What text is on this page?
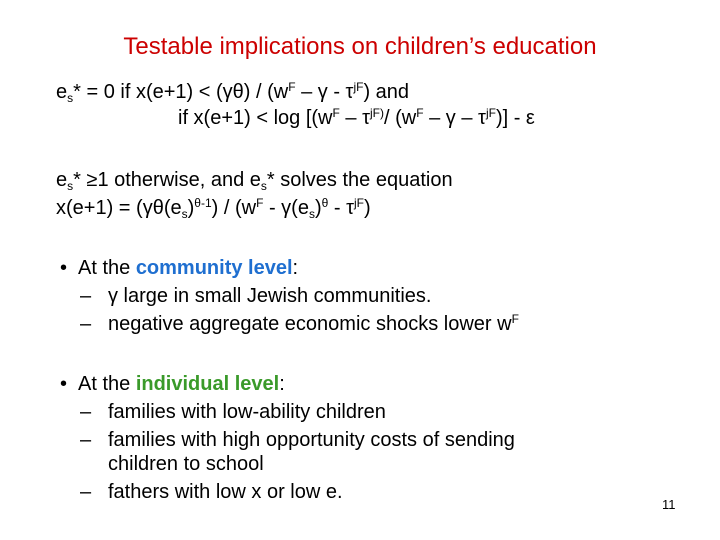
Testable implications on children’s education
$e_s* = 0$ if $x(e+1) < (\gamma\theta) / (w^F - \gamma - \tau^{jF})$ and
if $x(e+1) < \log [(w^F - \tau^{jF)}/$ ($w^F$ – γ – $\tau^{jF}$)] - ε
$e_s* \ge 1$ otherwise, and $e_s*$ solves the equation
$x(e+1) = (\gamma\theta(e_s)^{\theta-1}) / (w^F - \gamma(e_s)^\theta - \tau^{jF})$
• At the community level:
– γ large in small Jewish communities.
– negative aggregate economic shocks lower $w^F$
• At the individual level:
– families with low-ability children
– families with high opportunity costs of sending
children to school
– fathers with low x or low e.
11
